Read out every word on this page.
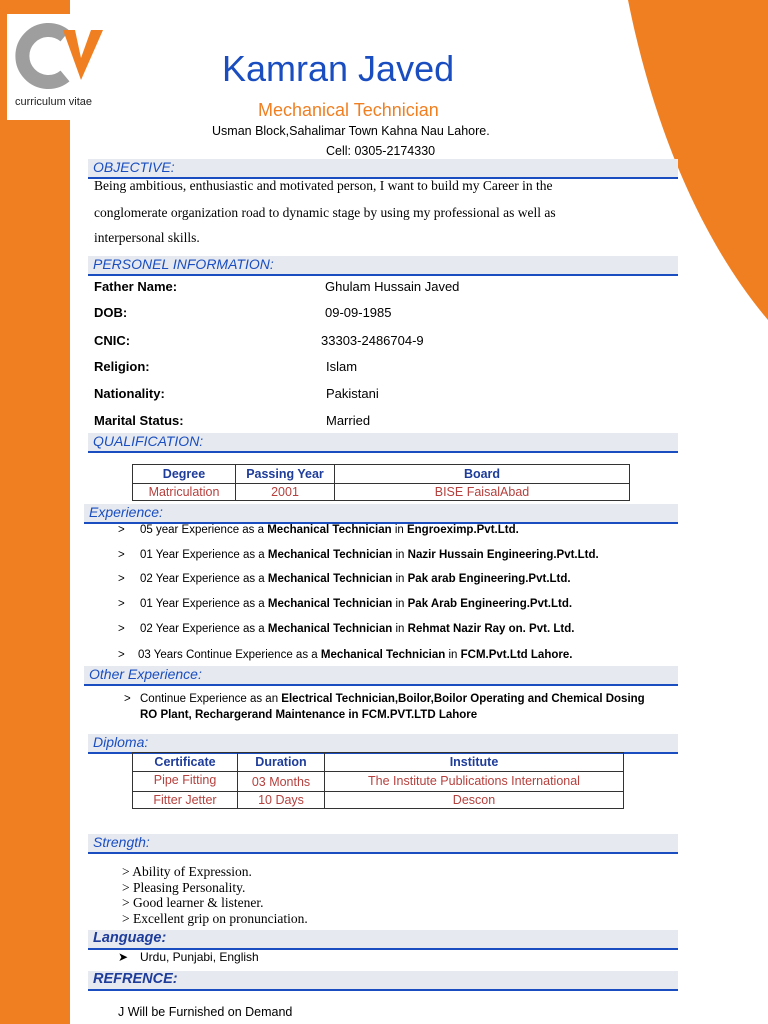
curriculum vitae
Kamran Javed
Mechanical Technician
Usman Block,Sahalimar Town Kahna Nau Lahore.
Cell: 0305-2174330
OBJECTIVE:
Being ambitious, enthusiastic and motivated person, I want to build my Career in the
conglomerate organization road to dynamic stage by using my professional as well as
interpersonal skills.
PERSONEL INFORMATION:
Father Name:	Ghulam Hussain Javed
DOB:	09-09-1985
CNIC:	33303-2486704-9
Religion:	Islam
Nationality:	Pakistani
Marital Status:	Married
QUALIFICATION:
Degree	Passing Year	Board
Matriculation	2001	BISE FaisalAbad
Experience:
> 05 year Experience as a Mechanical Technician in Engroeximp.Pvt.Ltd.
> 01 Year Experience as a Mechanical Technician in Nazir Hussain Engineering.Pvt.Ltd.
> 02 Year Experience as a Mechanical Technician in Pak arab Engineering.Pvt.Ltd.
> 01 Year Experience as a Mechanical Technician in Pak Arab Engineering.Pvt.Ltd.
> 02 Year Experience as a Mechanical Technician in Rehmat Nazir Ray on. Pvt. Ltd.
> 03 Years Continue Experience as a Mechanical Technician in FCM.Pvt.Ltd Lahore.
Other Experience:
> Continue Experience as an Electrical Technician,Boilor,Boilor Operating and Chemical Dosing
RO Plant, Rechargerand Maintenance in FCM.PVT.LTD Lahore
Diploma:
Certificate	Duration	Institute
Pipe Fitting	03 Months	The Institute Publications International
Fitter Jetter	10 Days	Descon
Strength:
> Ability of Expression.
> Pleasing Personality.
> Good learner & listener.
> Excellent grip on pronunciation.
Language:
➤ Urdu, Punjabi, English
REFRENCE:
J Will be Furnished on Demand
